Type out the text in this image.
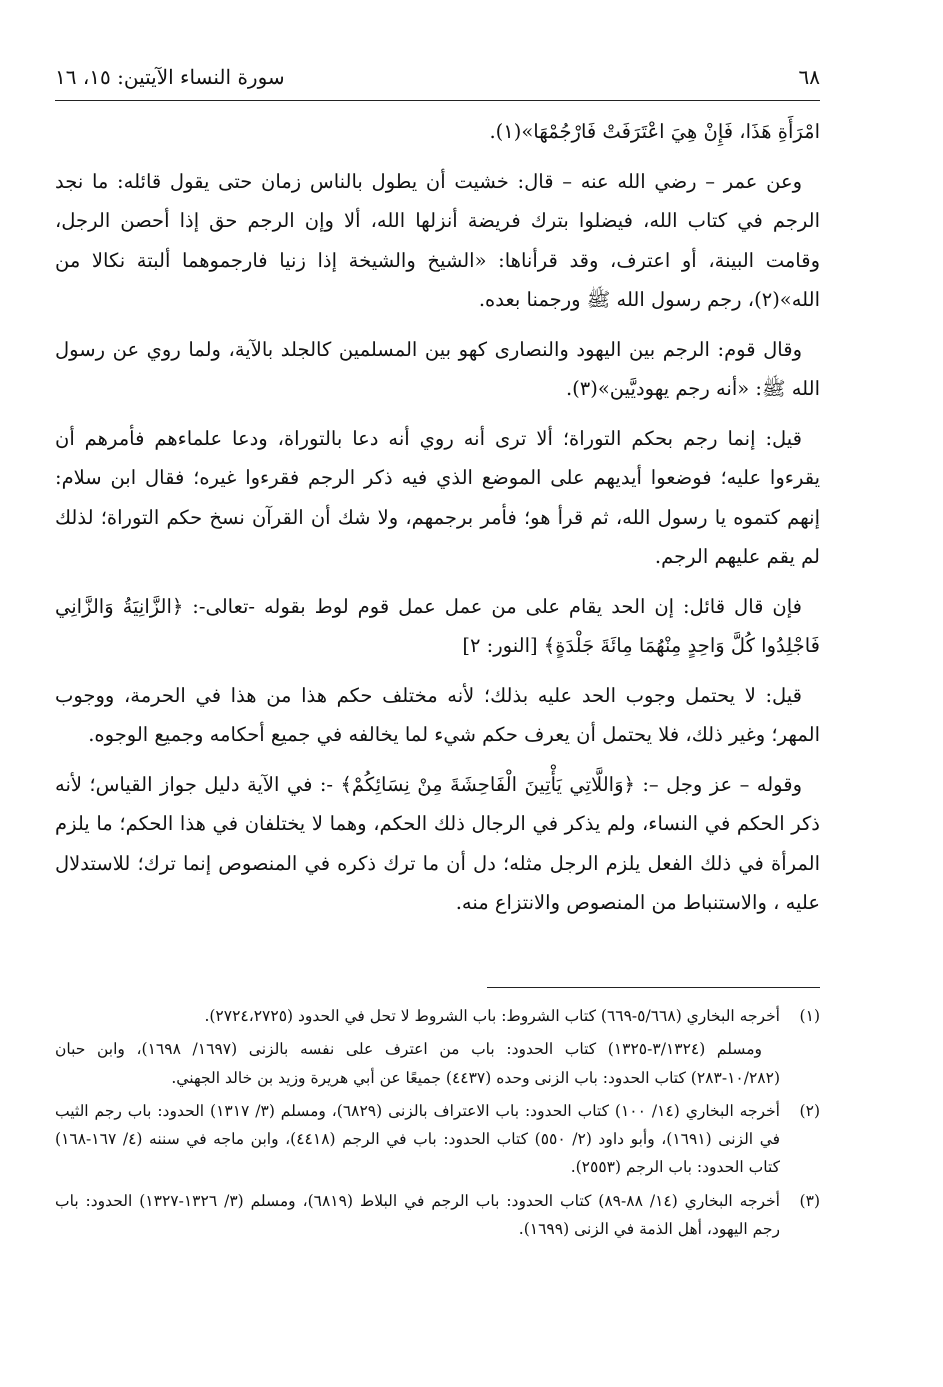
٦٨
سورة النساء الآيتين: ١٥، ١٦

امْرَأَةِ هَذَا، فَإِنْ هِيَ اعْتَرَفَتْ فَارْجُمْهَا»(١).

وعن عمر – رضي الله عنه – قال: خشيت أن يطول بالناس زمان حتى يقول قائله: ما نجد الرجم في كتاب الله، فيضلوا بترك فريضة أنزلها الله، ألا وإن الرجم حق إذا أحصن الرجل، وقامت البينة، أو اعترف، وقد قرأناها: «الشيخ والشيخة إذا زنيا فارجموهما ألبتة نكالا من الله»(٢)، رجم رسول الله ﷺ ورجمنا بعده.

وقال قوم: الرجم بين اليهود والنصارى كهو بين المسلمين كالجلد بالآية، ولما روي عن رسول الله ﷺ: «أنه رجم يهوديَّين»(٣).

قيل: إنما رجم بحكم التوراة؛ ألا ترى أنه روي أنه دعا بالتوراة، ودعا علماءهم فأمرهم أن يقرءوا عليه؛ فوضعوا أيديهم على الموضع الذي فيه ذكر الرجم فقرءوا غيره؛ فقال ابن سلام: إنهم كتموه يا رسول الله، ثم قرأ هو؛ فأمر برجمهم، ولا شك أن القرآن نسخ حكم التوراة؛ لذلك لم يقم عليهم الرجم.

فإن قال قائل: إن الحد يقام على من عمل عمل قوم لوط بقوله -تعالى-: ﴿الزَّانِيَةُ وَالزَّانِي فَاجْلِدُوا كُلَّ وَاحِدٍ مِنْهُمَا مِائَةَ جَلْدَةٍ﴾ [النور: ٢]

قيل: لا يحتمل وجوب الحد عليه بذلك؛ لأنه مختلف حكم هذا من هذا في الحرمة، ووجوب المهر؛ وغير ذلك، فلا يحتمل أن يعرف حكم شيء لما يخالفه في جميع أحكامه وجميع الوجوه.

وقوله – عز وجل –: ﴿وَاللَّاتِي يَأْتِينَ الْفَاحِشَةَ مِنْ نِسَائِكُمْ﴾ -: في الآية دليل جواز القياس؛ لأنه ذكر الحكم في النساء، ولم يذكر في الرجال ذلك الحكم، وهما لا يختلفان في هذا الحكم؛ ما يلزم المرأة في ذلك الفعل يلزم الرجل مثله؛ دل أن ما ترك ذكره في المنصوص إنما ترك؛ للاستدلال عليه ، والاستنباط من المنصوص والانتزاع منه.

(١)
أخرجه البخاري (٥/٦٦٨-٦٦٩) كتاب الشروط: باب الشروط لا تحل في الحدود (٢٧٢٤،٢٧٢٥).
ومسلم (٣/١٣٢٤-١٣٢٥) كتاب الحدود: باب من اعترف على نفسه بالزنى (١٦٩٧/ ١٦٩٨)، وابن حبان (١٠/٢٨٢-٢٨٣) كتاب الحدود: باب الزنى وحده (٤٤٣٧) جميعًا عن أبي هريرة وزيد بن خالد الجهني.
(٢)
أخرجه البخاري (١٤/ ١٠٠) كتاب الحدود: باب الاعتراف بالزنى (٦٨٢٩)، ومسلم (٣/ ١٣١٧) الحدود: باب رجم الثيب في الزنى (١٦٩١)، وأبو داود (٢/ ٥٥٠) كتاب الحدود: باب في الرجم (٤٤١٨)، وابن ماجه في سننه (٤/ ١٦٧-١٦٨) كتاب الحدود: باب الرجم (٢٥٥٣).
(٣)
أخرجه البخاري (١٤/ ٨٨-٨٩) كتاب الحدود: باب الرجم في البلاط (٦٨١٩)، ومسلم (٣/ ١٣٢٦-١٣٢٧) الحدود: باب رجم اليهود، أهل الذمة في الزنى (١٦٩٩).
